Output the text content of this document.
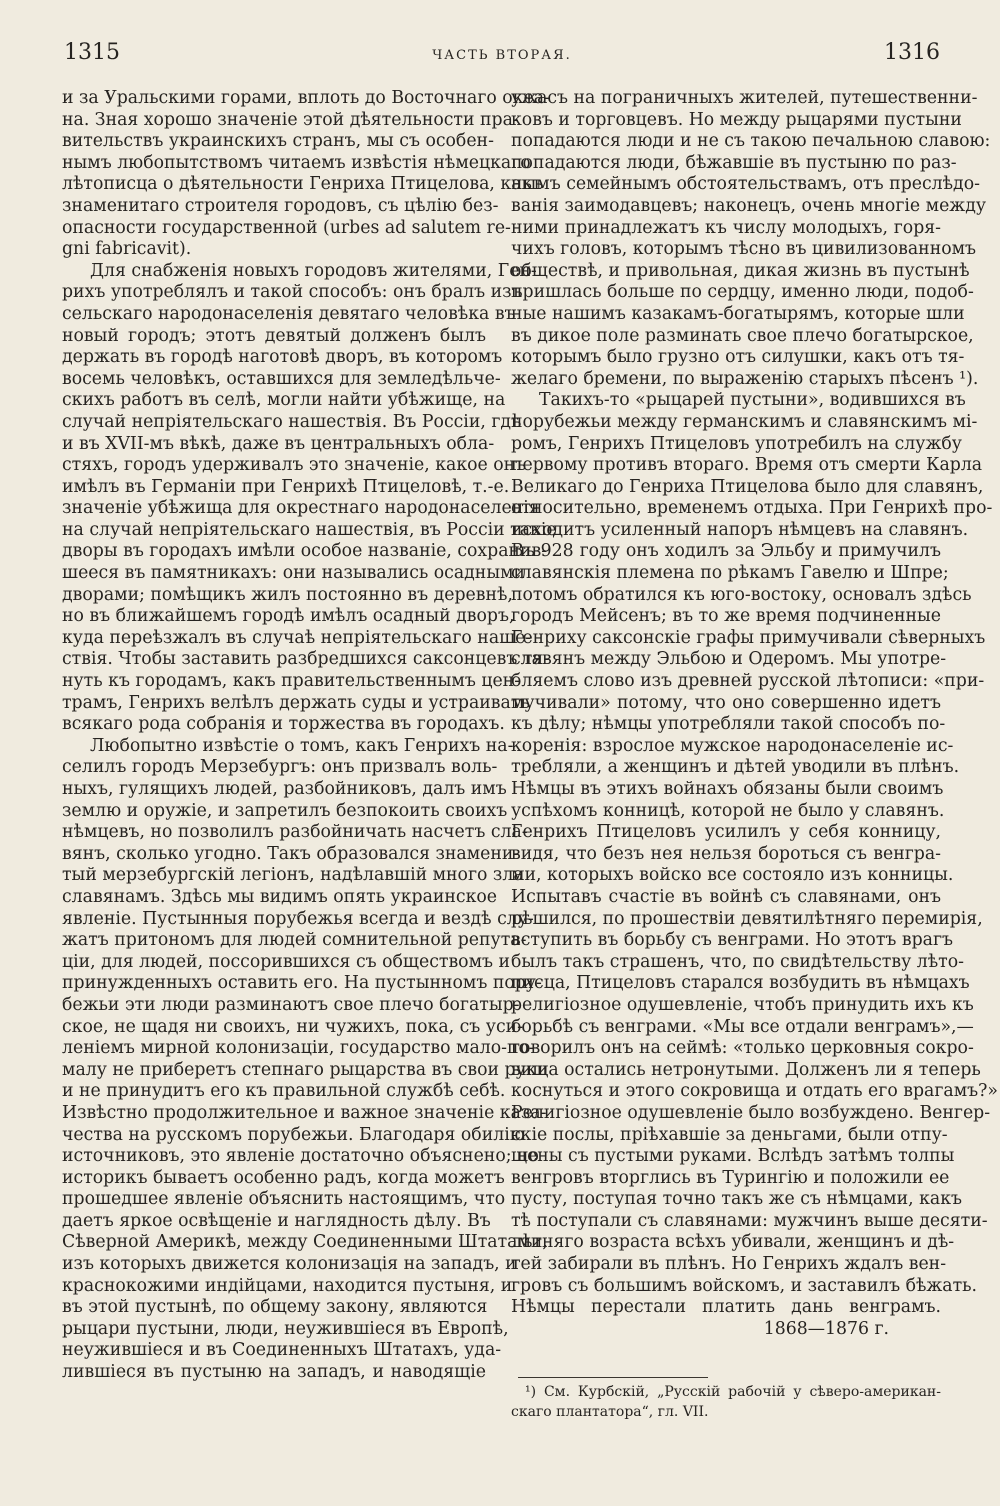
1315	ЧАСТЬ ВТОРАЯ.	1316
и за Уральскими горами, вплоть до Восточнаго океа-
на. Зная хорошо значеніе этой дѣятельности пра-
вительствъ украинскихъ странъ, мы съ особен-
нымъ любопытствомъ читаемъ извѣстія нѣмецкаго
лѣтописца о дѣятельности Генриха Птицелова, какъ
знаменитаго строителя городовъ, съ цѣлію без-
опасности государственной (urbes ad salutem re-
gni fabricavit).
Для снабженія новыхъ городовъ жителями, Ген-
рихъ употреблялъ и такой способъ: онъ бралъ изъ
сельскаго народонаселенія девятаго человѣка въ
новый городъ; этотъ девятый долженъ былъ
держать въ городѣ наготовѣ дворъ, въ которомъ
восемь человѣкъ, оставшихся для земледѣльче-
скихъ работъ въ селѣ, могли найти убѣжище, на
случай непріятельскаго нашествія. Въ Россіи, гдѣ
и въ XVII-мъ вѣкѣ, даже въ центральныхъ обла-
стяхъ, городъ удерживалъ это значеніе, какое онъ
имѣлъ въ Германіи при Генрихѣ Птицеловѣ, т.-е.
значеніе убѣжища для окрестнаго народонаселенія
на случай непріятельскаго нашествія, въ Россіи такіе
дворы въ городахъ имѣли особое названіе, сохранив-
шееся въ памятникахъ: они назывались осадными
дворами; помѣщикъ жилъ постоянно въ деревнѣ,
но въ ближайшемъ городѣ имѣлъ осадный дворъ,
куда переѣзжалъ въ случаѣ непріятельскаго наше-
ствія. Чтобы заставить разбредшихся саксонцевъ тя-
нуть къ городамъ, какъ правительственнымъ цен-
трамъ, Генрихъ велѣлъ держать суды и устраивать
всякаго рода собранія и торжества въ городахъ.
Любопытно извѣстіе о томъ, какъ Генрихъ на-
селилъ городъ Мерзебургъ: онъ призвалъ воль-
ныхъ, гулящихъ людей, разбойниковъ, далъ имъ
землю и оружіе, и запретилъ безпокоить своихъ
нѣмцевъ, но позволилъ разбойничать насчетъ сла-
вянъ, сколько угодно. Такъ образовался знамени-
тый мерзебургскій легіонъ, надѣлавшій много зла
славянамъ. Здѣсь мы видимъ опять украинское
явленіе. Пустынныя порубежья всегда и вездѣ слу-
жатъ притономъ для людей сомнительной репута-
ціи, для людей, поссорившихся съ обществомъ и
принужденныхъ оставить его. На пустынномъ пору-
бежьи эти люди разминаютъ свое плечо богатыр-
ское, не щадя ни своихъ, ни чужихъ, пока, съ уси-
леніемъ мирной колонизаціи, государство мало-по-
малу не приберетъ степнаго рыцарства въ свои руки
и не принудитъ его къ правильной службѣ себѣ.
Извѣстно продолжительное и важное значеніе каза-
чества на русскомъ порубежьи. Благодаря обилію
источниковъ, это явленіе достаточно объяснено; но
историкъ бываетъ особенно радъ, когда можетъ
прошедшее явленіе объяснить настоящимъ, что
даетъ яркое освѣщеніе и наглядность дѣлу. Въ
Сѣверной Америкѣ, между Соединенными Штатами,
изъ которыхъ движется колонизація на западъ, и
краснокожими индійцами, находится пустыня, и
въ этой пустынѣ, по общему закону, являются
рыцари пустыни, люди, неужившіеся въ Европѣ,
неужившіеся и въ Соединенныхъ Штатахъ, уда-
лившіеся въ пустыню на западъ, и наводящіе
ужасъ на пограничныхъ жителей, путешественни-
ковъ и торговцевъ. Но между рыцарями пустыни
попадаются люди и не съ такою печальною славою:
попадаются люди, бѣжавшіе въ пустыню по раз-
нымъ семейнымъ обстоятельствамъ, отъ преслѣдо-
ванія заимодавцевъ; наконецъ, очень многіе между
ними принадлежатъ къ числу молодыхъ, горя-
чихъ головъ, которымъ тѣсно въ цивилизованномъ
обществѣ, и привольная, дикая жизнь въ пустынѣ
пришлась больше по сердцу, именно люди, подоб-
ные нашимъ казакамъ-богатырямъ, которые шли
въ дикое поле разминать свое плечо богатырское,
которымъ было грузно отъ силушки, какъ отъ тя-
желаго бремени, по выраженію старыхъ пѣсенъ ¹).
Такихъ-то «рыцарей пустыни», водившихся въ
порубежьи между германскимъ и славянскимъ мі-
ромъ, Генрихъ Птицеловъ употребилъ на службу
первому противъ втораго. Время отъ смерти Карла
Великаго до Генриха Птицелова было для славянъ,
относительно, временемъ отдыха. При Генрихѣ про-
исходитъ усиленный напоръ нѣмцевъ на славянъ.
Въ 928 году онъ ходилъ за Эльбу и примучилъ
славянскія племена по рѣкамъ Гавелю и Шпре;
потомъ обратился къ юго-востоку, основалъ здѣсь
городъ Мейсенъ; въ то же время подчиненные
Генриху саксонскіе графы примучивали сѣверныхъ
славянъ между Эльбою и Одеромъ. Мы употре-
бляемъ слово изъ древней русской лѣтописи: «при-
мучивали» потому, что оно совершенно идетъ
къ дѣлу; нѣмцы употребляли такой способъ по-
коренія: взрослое мужское народонаселеніе ис-
требляли, а женщинъ и дѣтей уводили въ плѣнъ.
Нѣмцы въ этихъ войнахъ обязаны были своимъ
успѣхомъ конницѣ, которой не было у славянъ.
Генрихъ Птицеловъ усилилъ у себя конницу,
видя, что безъ нея нельзя бороться съ венгра-
ми, которыхъ войско все состояло изъ конницы.
Испытавъ счастіе въ войнѣ съ славянами, онъ
рѣшился, по прошествіи девятилѣтняго перемирія,
вступить въ борьбу съ венграми. Но этотъ врагъ
былъ такъ страшенъ, что, по свидѣтельству лѣто-
писца, Птицеловъ старался возбудить въ нѣмцахъ
религіозное одушевленіе, чтобъ принудить ихъ къ
борьбѣ съ венграми. «Мы все отдали венграмъ»,—
говорилъ онъ на сеймѣ: «только церковныя сокро-
вища остались нетронутыми. Долженъ ли я теперь
коснуться и этого сокровища и отдать его врагамъ?»
Религіозное одушевленіе было возбуждено. Венгер-
скіе послы, пріѣхавшіе за деньгами, были отпу-
щены съ пустыми руками. Вслѣдъ затѣмъ толпы
венгровъ вторглись въ Турингію и положили ее
пусту, поступая точно такъ же съ нѣмцами, какъ
тѣ поступали съ славянами: мужчинъ выше десяти-
лѣтняго возраста всѣхъ убивали, женщинъ и дѣ-
тей забирали въ плѣнъ. Но Генрихъ ждалъ вен-
гровъ съ большимъ войскомъ, и заставилъ бѣжать.
Нѣмцы перестали платить дань венграмъ.
1868—1876 г.
¹) См. Курбскій, „Русскій рабочій у сѣверо-американ-
скаго плантатора“, гл. VII.
